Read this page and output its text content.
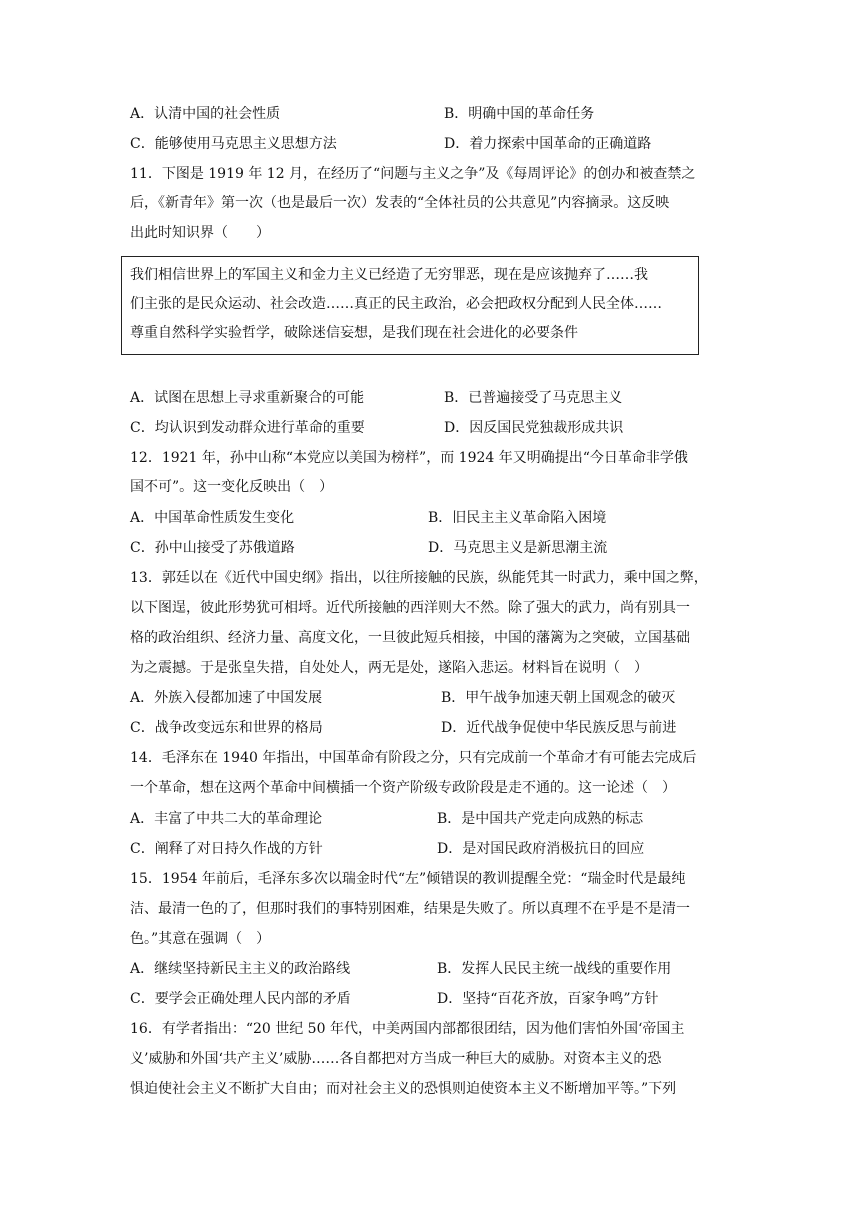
A．认清中国的社会性质	B．明确中国的革命任务
C．能够使用马克思主义思想方法	D．着力探索中国革命的正确道路
11．下图是 1919 年 12 月，在经历了“问题与主义之争”及《每周评论》的创办和被查禁之
后，《新青年》第一次（也是最后一次）发表的“全体社员的公共意见”内容摘录。这反映
出此时知识界（　　）

我们相信世界上的军国主义和金力主义已经造了无穷罪恶，现在是应该抛弃了……我

们主张的是民众运动、社会改造……真正的民主政治，必会把政权分配到人民全体……

尊重自然科学实验哲学，破除迷信妄想，是我们现在社会进化的必要条件

A．试图在思想上寻求重新聚合的可能	B．已普遍接受了马克思主义
C．均认识到发动群众进行革命的重要	D．因反国民党独裁形成共识
12．1921 年，孙中山称“本党应以美国为榜样”，而 1924 年又明确提出“今日革命非学俄
国不可”。这一变化反映出（　）
A．中国革命性质发生变化	B．旧民主主义革命陷入困境
C．孙中山接受了苏俄道路	D．马克思主义是新思潮主流
13．郭廷以在《近代中国史纲》指出，以往所接触的民族，纵能凭其一时武力，乘中国之弊，
以下图逞，彼此形势犹可相埒。近代所接触的西洋则大不然。除了强大的武力，尚有别具一
格的政治组织、经济力量、高度文化，一旦彼此短兵相接，中国的藩篱为之突破，立国基础
为之震撼。于是张皇失措，自处处人，两无是处，遂陷入悲运。材料旨在说明（　）
A．外族入侵都加速了中国发展	B．甲午战争加速天朝上国观念的破灭
C．战争改变远东和世界的格局	D．近代战争促使中华民族反思与前进
14．毛泽东在 1940 年指出，中国革命有阶段之分，只有完成前一个革命才有可能去完成后
一个革命，想在这两个革命中间横插一个资产阶级专政阶段是走不通的。这一论述（　）
A．丰富了中共二大的革命理论	B．是中国共产党走向成熟的标志
C．阐释了对日持久作战的方针	D．是对国民政府消极抗日的回应
15．1954 年前后，毛泽东多次以瑞金时代“左”倾错误的教训提醒全党：“瑞金时代是最纯
洁、最清一色的了，但那时我们的事特别困难，结果是失败了。所以真理不在乎是不是清一
色。”其意在强调（　）
A．继续坚持新民主主义的政治路线	B．发挥人民民主统一战线的重要作用
C．要学会正确处理人民内部的矛盾	D．坚持“百花齐放，百家争鸣”方针
16．有学者指出：“20 世纪 50 年代，中美两国内部都很团结，因为他们害怕外国‘帝国主
义’威胁和外国‘共产主义’威胁……各自都把对方当成一种巨大的威胁。对资本主义的恐
惧迫使社会主义不断扩大自由；而对社会主义的恐惧则迫使资本主义不断增加平等。”下列
